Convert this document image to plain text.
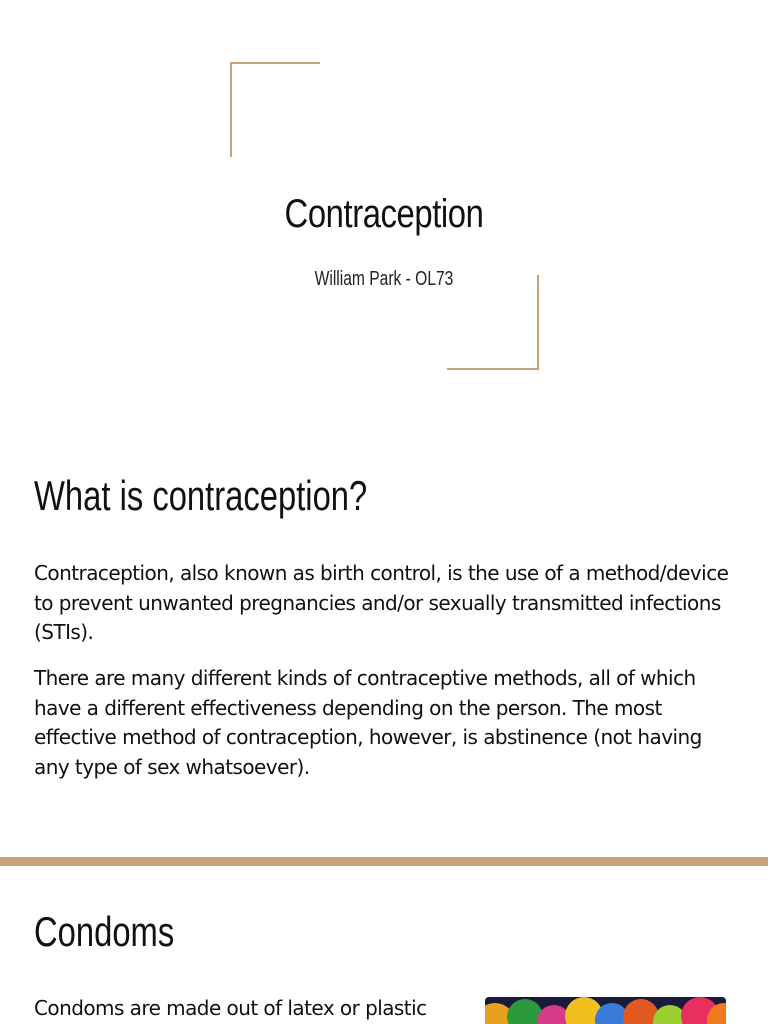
Contraception

William Park - OL73

What is contraception?

Contraception, also known as birth control, is the use of a method/device to prevent unwanted pregnancies and/or sexually transmitted infections (STIs).

There are many different kinds of contraceptive methods, all of which have a different effectiveness depending on the person. The most effective method of contraception, however, is abstinence (not having any type of sex whatsoever).

Condoms

Condoms are made out of latex or plastic
